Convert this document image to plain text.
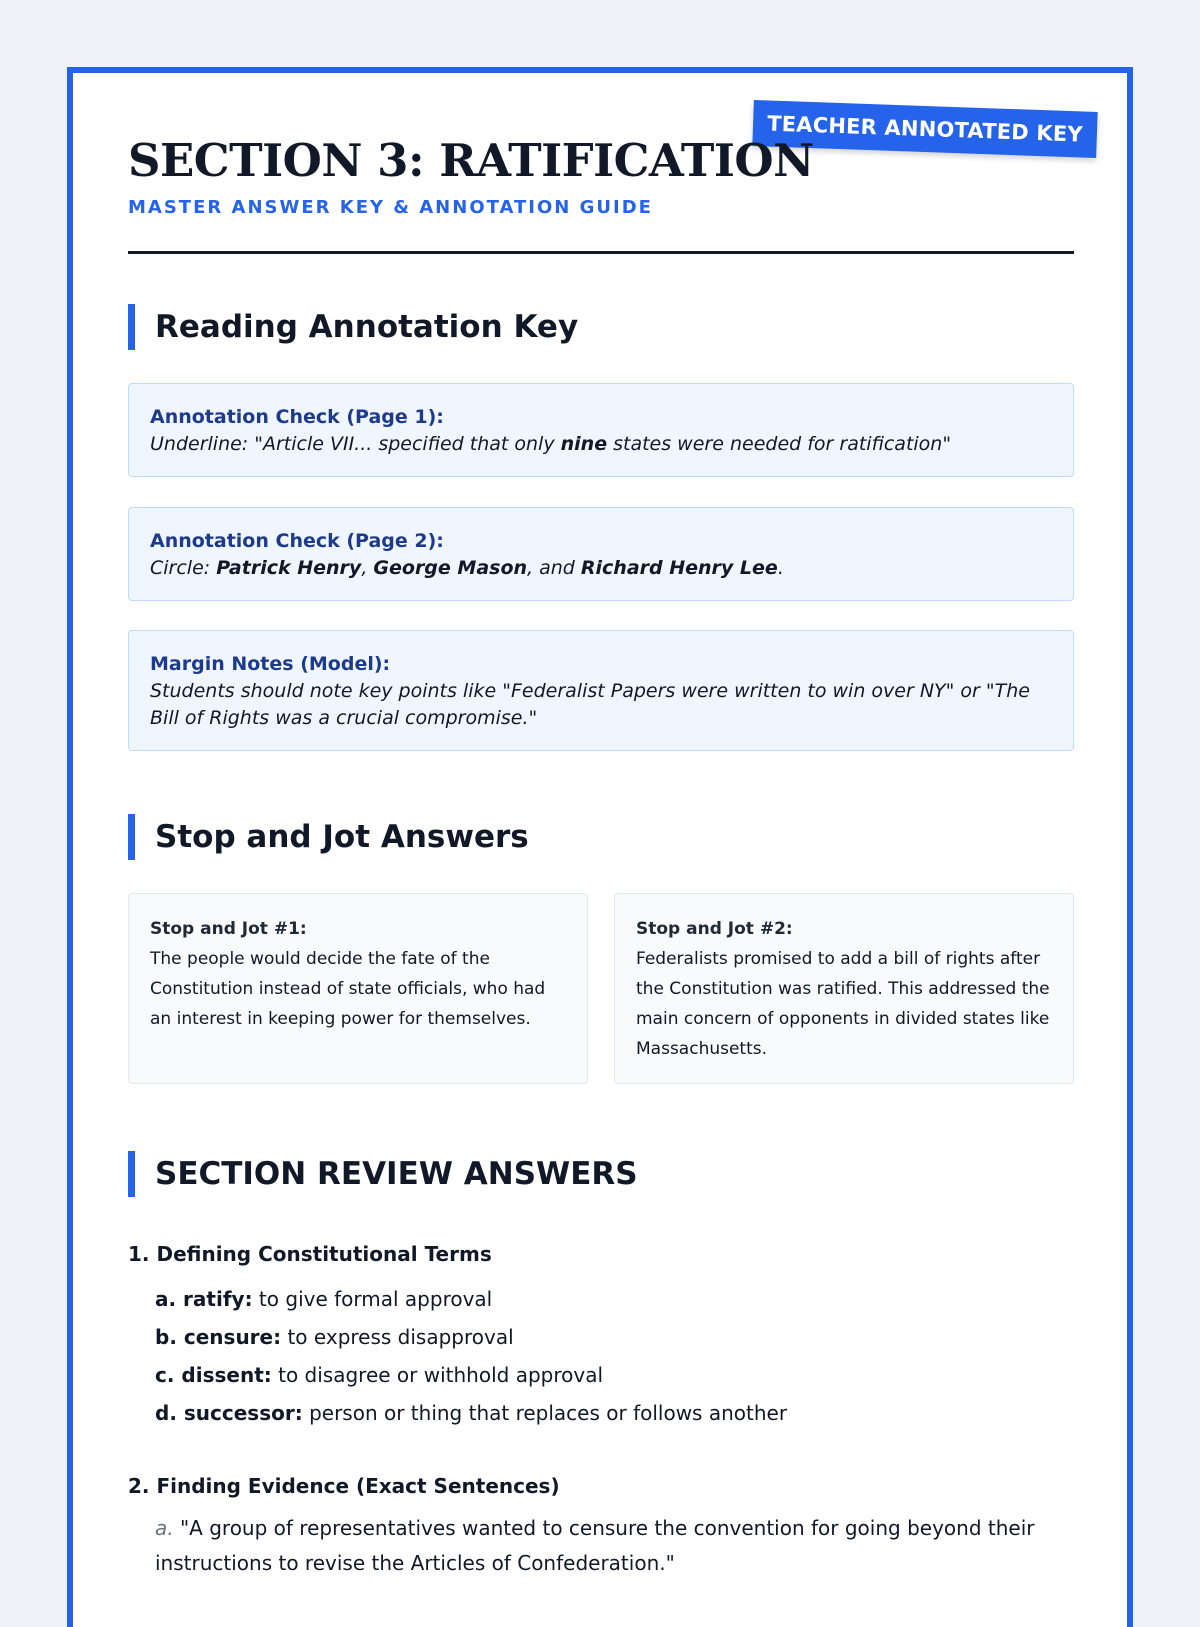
TEACHER ANNOTATED KEY
SECTION 3: RATIFICATION
MASTER ANSWER KEY & ANNOTATION GUIDE
Reading Annotation Key
Annotation Check (Page 1):
Underline: "Article VII... specified that only nine states were needed for ratification"
Annotation Check (Page 2):
Circle: Patrick Henry, George Mason, and Richard Henry Lee.
Margin Notes (Model):
Students should note key points like "Federalist Papers were written to win over NY" or "The Bill of Rights was a crucial compromise."
Stop and Jot Answers
Stop and Jot #1:
The people would decide the fate of the Constitution instead of state officials, who had an interest in keeping power for themselves.
Stop and Jot #2:
Federalists promised to add a bill of rights after the Constitution was ratified. This addressed the main concern of opponents in divided states like Massachusetts.
SECTION REVIEW ANSWERS
1. Defining Constitutional Terms
a. ratify: to give formal approval
b. censure: to express disapproval
c. dissent: to disagree or withhold approval
d. successor: person or thing that replaces or follows another
2. Finding Evidence (Exact Sentences)
a. "A group of representatives wanted to censure the convention for going beyond their instructions to revise the Articles of Confederation."
